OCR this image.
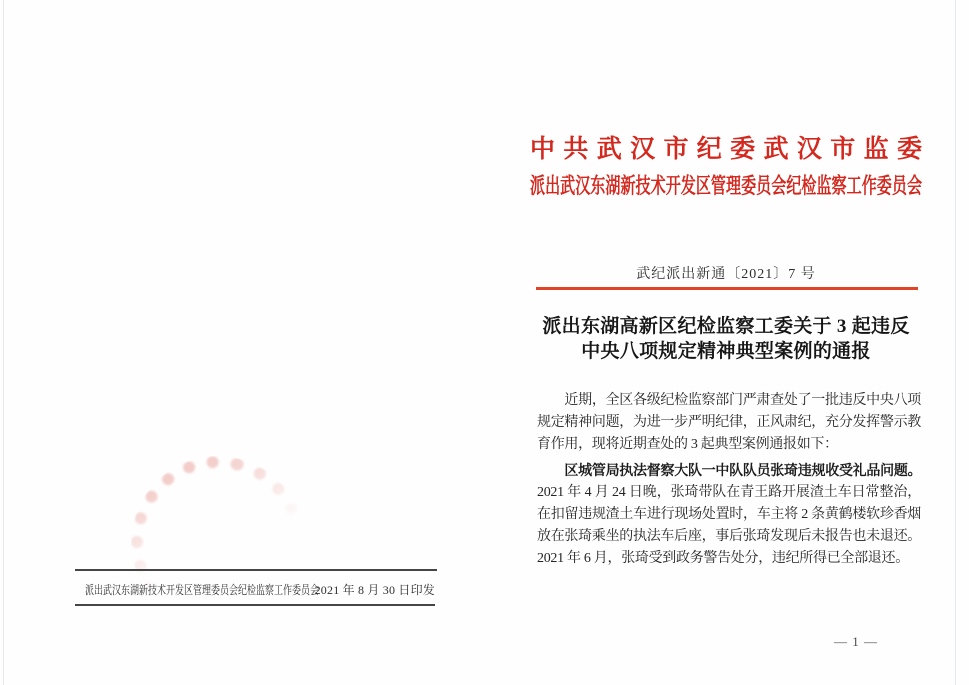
派出武汉东湖新技术开发区管理委员会纪检监察工作委员会
2021 年 8 月 30 日印发
中共武汉市纪委武汉市监委
派出武汉东湖新技术开发区管理委员会纪检监察工作委员会
武纪派出新通〔2021〕7 号
派出东湖高新区纪检监察工委关于 3 起违反
中央八项规定精神典型案例的通报
近期，全区各级纪检监察部门严肃查处了一批违反中央八项
规定精神问题，为进一步严明纪律，正风肃纪，充分发挥警示教
育作用，现将近期查处的 3 起典型案例通报如下：
区城管局执法督察大队一中队队员张琦违规收受礼品问题。
2021 年 4 月 24 日晚，张琦带队在青王路开展渣土车日常整治，
在扣留违规渣土车进行现场处置时，车主将 2 条黄鹤楼软珍香烟
放在张琦乘坐的执法车后座，事后张琦发现后未报告也未退还。
2021 年 6 月，张琦受到政务警告处分，违纪所得已全部退还。
— 1 —
